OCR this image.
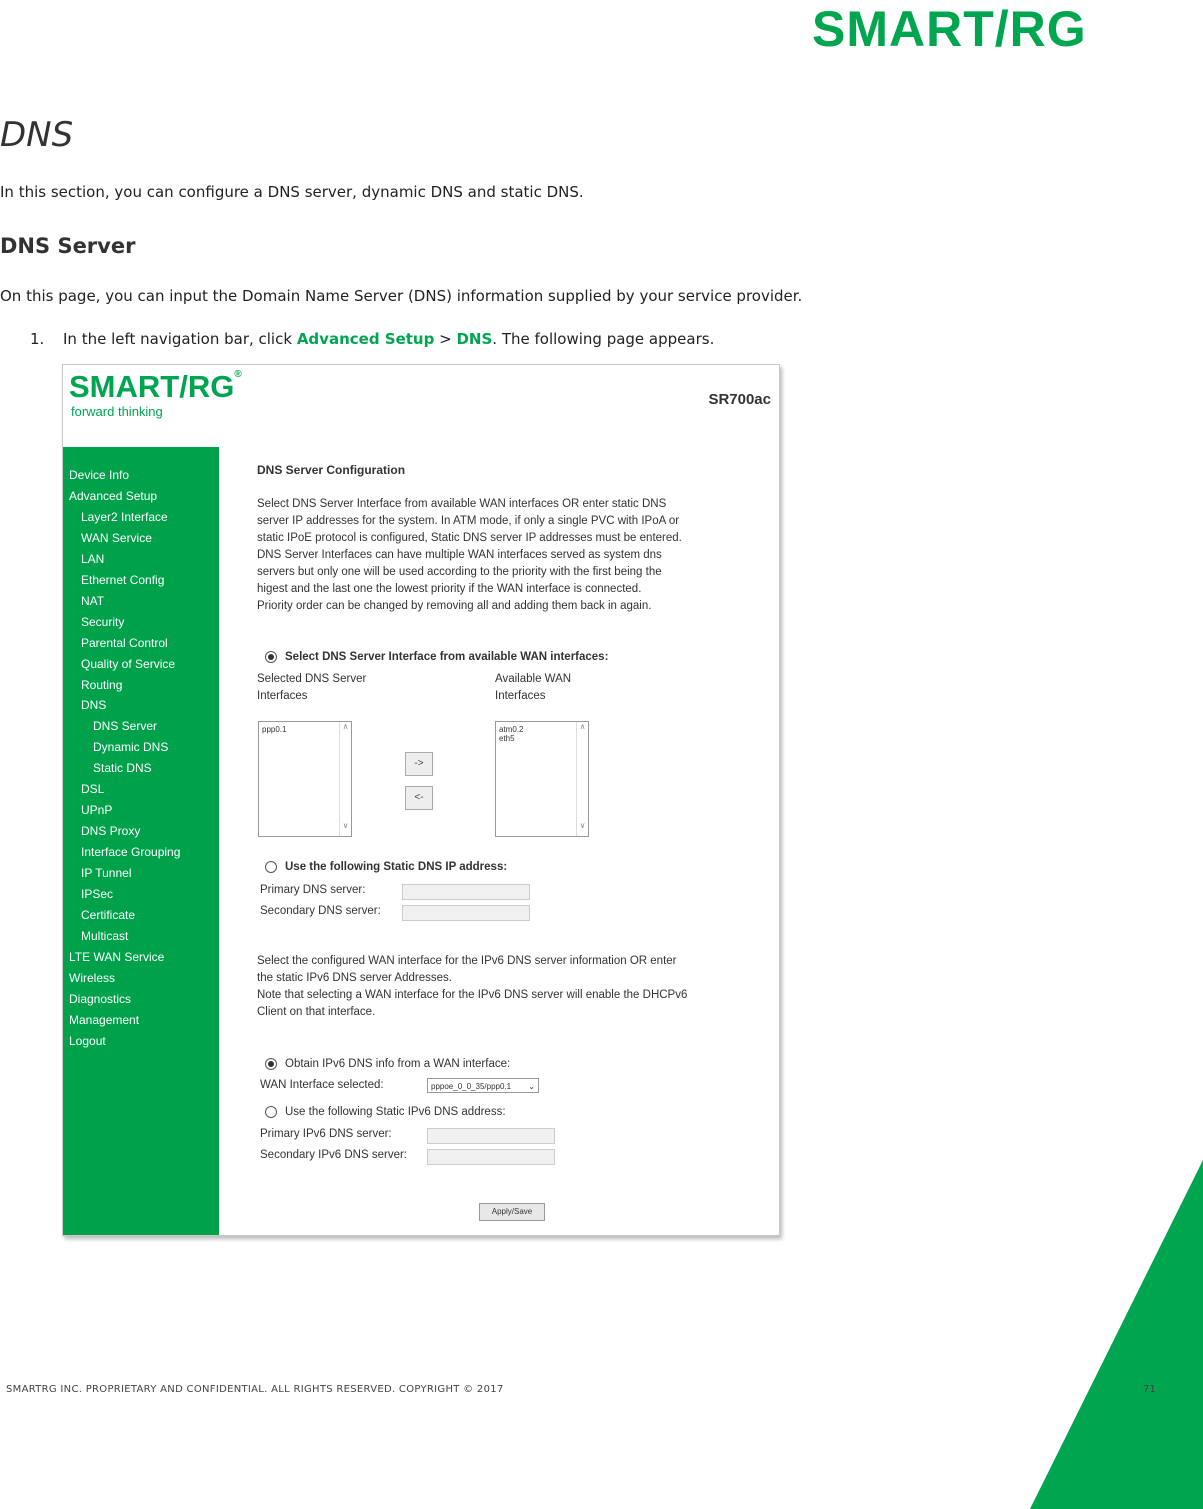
SMART/RG
DNS
In this section, you can configure a DNS server, dynamic DNS and static DNS.
DNS Server
On this page, you can input the Domain Name Server (DNS) information supplied by your service provider.
1. In the left navigation bar, click Advanced Setup > DNS. The following page appears.
SMART/RG®
forward thinking
SR700ac
Device Info
Advanced Setup
Layer2 Interface
WAN Service
LAN
Ethernet Config
NAT
Security
Parental Control
Quality of Service
Routing
DNS
DNS Server
Dynamic DNS
Static DNS
DSL
UPnP
DNS Proxy
Interface Grouping
IP Tunnel
IPSec
Certificate
Multicast
LTE WAN Service
Wireless
Diagnostics
Management
Logout
DNS Server Configuration
Select DNS Server Interface from available WAN interfaces OR enter static DNS
server IP addresses for the system. In ATM mode, if only a single PVC with IPoA or
static IPoE protocol is configured, Static DNS server IP addresses must be entered.
DNS Server Interfaces can have multiple WAN interfaces served as system dns
servers but only one will be used according to the priority with the first being the
higest and the last one the lowest priority if the WAN interface is connected.
Priority order can be changed by removing all and adding them back in again.
Select DNS Server Interface from available WAN interfaces:
Selected DNS Server
Interfaces
Available WAN
Interfaces
ppp0.1	∧

∨
->
<-
atm0.2
eth5
∧

∨
Use the following Static DNS IP address:
Primary DNS server:
Secondary DNS server:
Select the configured WAN interface for the IPv6 DNS server information OR enter
the static IPv6 DNS server Addresses.
Note that selecting a WAN interface for the IPv6 DNS server will enable the DHCPv6
Client on that interface.
Obtain IPv6 DNS info from a WAN interface:
WAN Interface selected:	pppoe_0_0_35/ppp0.1 ⌄
Use the following Static IPv6 DNS address:
Primary IPv6 DNS server:
Secondary IPv6 DNS server:
Apply/Save
SMARTRG INC. PROPRIETARY AND CONFIDENTIAL. ALL RIGHTS RESERVED. COPYRIGHT © 2017	71
